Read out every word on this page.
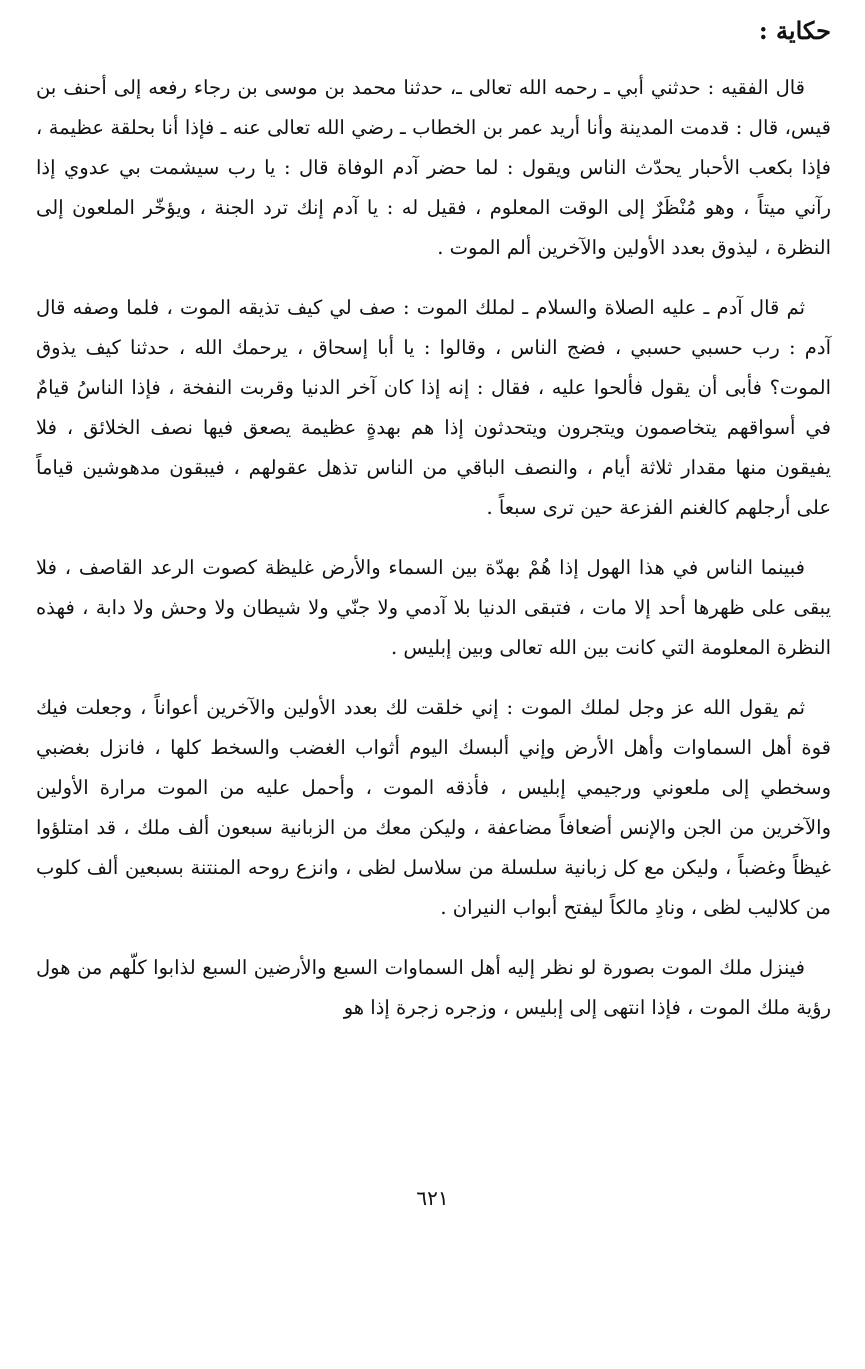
حكاية :

قال الفقيه : حدثني أبي ـ رحمه الله تعالى ـ، حدثنا محمد بن موسى بن رجاء رفعه إلى أحنف بن قيس، قال : قدمت المدينة وأنا أريد عمر بن الخطاب ـ رضي الله تعالى عنه ـ فإذا أنا بحلقة عظيمة ، فإذا بكعب الأحبار يحدّث الناس ويقول : لما حضر آدم الوفاة قال : يا رب سيشمت بي عدوي إذا رآني ميتاً ، وهو مُنْظَرٌ إلى الوقت المعلوم ، فقيل له : يا آدم إنك ترد الجنة ، ويؤخّر الملعون إلى النظرة ، ليذوق بعدد الأولين والآخرين ألم الموت .

ثم قال آدم ـ عليه الصلاة والسلام ـ لملك الموت : صف لي كيف تذيقه الموت ، فلما وصفه قال آدم : رب حسبي حسبي ، فضج الناس ، وقالوا : يا أبا إسحاق ، يرحمك الله ، حدثنا كيف يذوق الموت؟ فأبى أن يقول فألحوا عليه ، فقال : إنه إذا كان آخر الدنيا وقربت النفخة ، فإذا الناسُ قيامٌ في أسواقهم يتخاصمون ويتجرون ويتحدثون إذا هم بهدةٍ عظيمة يصعق فيها نصف الخلائق ، فلا يفيقون منها مقدار ثلاثة أيام ، والنصف الباقي من الناس تذهل عقولهم ، فيبقون مدهوشين قياماً على أرجلهم كالغنم الفزعة حين ترى سبعاً .

فبينما الناس في هذا الهول إذا هُمْ بهدّة بين السماء والأرض غليظة كصوت الرعد القاصف ، فلا يبقى على ظهرها أحد إلا مات ، فتبقى الدنيا بلا آدمي ولا جنّي ولا شيطان ولا وحش ولا دابة ، فهذه النظرة المعلومة التي كانت بين الله تعالى وبين إبليس .

ثم يقول الله عز وجل لملك الموت : إني خلقت لك بعدد الأولين والآخرين أعواناً ، وجعلت فيك قوة أهل السماوات وأهل الأرض وإني ألبسك اليوم أثواب الغضب والسخط كلها ، فانزل بغضبي وسخطي إلى ملعوني ورجيمي إبليس ، فأذقه الموت ، وأحمل عليه من الموت مرارة الأولين والآخرين من الجن والإنس أضعافاً مضاعفة ، وليكن معك من الزبانية سبعون ألف ملك ، قد امتلؤوا غيظاً وغضباً ، وليكن مع كل زبانية سلسلة من سلاسل لظى ، وانزع روحه المنتنة بسبعين ألف كلوب من كلاليب لظى ، ونادِ مالكاً ليفتح أبواب النيران .

فينزل ملك الموت بصورة لو نظر إليه أهل السماوات السبع والأرضين السبع لذابوا كلّهم من هول رؤية ملك الموت ، فإذا انتهى إلى إبليس ، وزجره زجرة إذا هو

٦٢١
